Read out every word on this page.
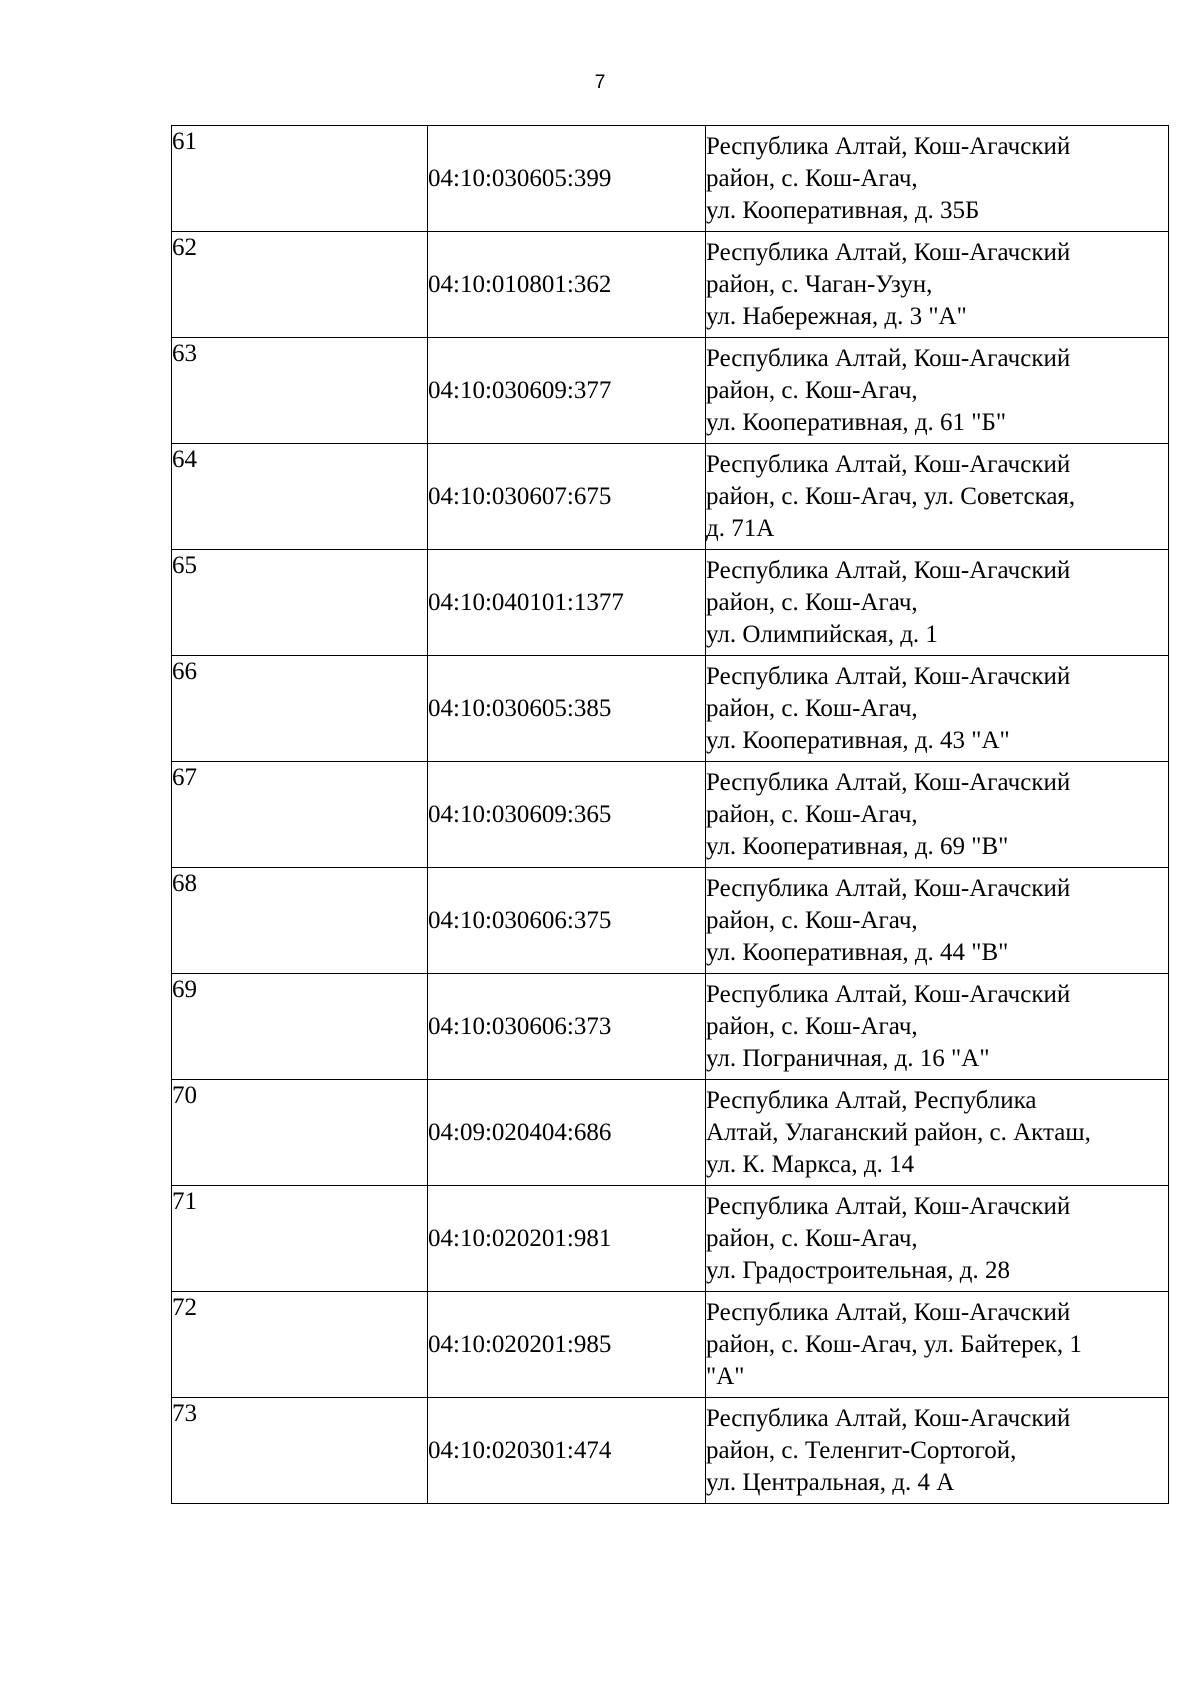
7
61	04:10:030605:399	Республика Алтай, Кош-Агачский
район, с. Кош-Агач,
ул. Кооперативная, д. 35Б

62	04:10:010801:362	Республика Алтай, Кош-Агачский
район, с. Чаган-Узун,
ул. Набережная, д. 3 "А"

63	04:10:030609:377	Республика Алтай, Кош-Агачский
район, с. Кош-Агач,
ул. Кооперативная, д. 61 "Б"

64	04:10:030607:675	Республика Алтай, Кош-Агачский
район, с. Кош-Агач, ул. Советская,
д. 71А

65	04:10:040101:1377	Республика Алтай, Кош-Агачский
район, с. Кош-Агач,
ул. Олимпийская, д. 1

66	04:10:030605:385	Республика Алтай, Кош-Агачский
район, с. Кош-Агач,
ул. Кооперативная, д. 43 "А"

67	04:10:030609:365	Республика Алтай, Кош-Агачский
район, с. Кош-Агач,
ул. Кооперативная, д. 69 "В"

68	04:10:030606:375	Республика Алтай, Кош-Агачский
район, с. Кош-Агач,
ул. Кооперативная, д. 44 "В"

69	04:10:030606:373	Республика Алтай, Кош-Агачский
район, с. Кош-Агач,
ул. Пограничная, д. 16 "А"

70	04:09:020404:686	Республика Алтай, Республика
Алтай, Улаганский район, с. Акташ,
ул. К. Маркса, д. 14

71	04:10:020201:981	Республика Алтай, Кош-Агачский
район, с. Кош-Агач,
ул. Градостроительная, д. 28

72	04:10:020201:985	Республика Алтай, Кош-Агачский
район, с. Кош-Агач, ул. Байтерек, 1
"А"

73	04:10:020301:474	Республика Алтай, Кош-Агачский
район, с. Теленгит-Сортогой,
ул. Центральная, д. 4 А
